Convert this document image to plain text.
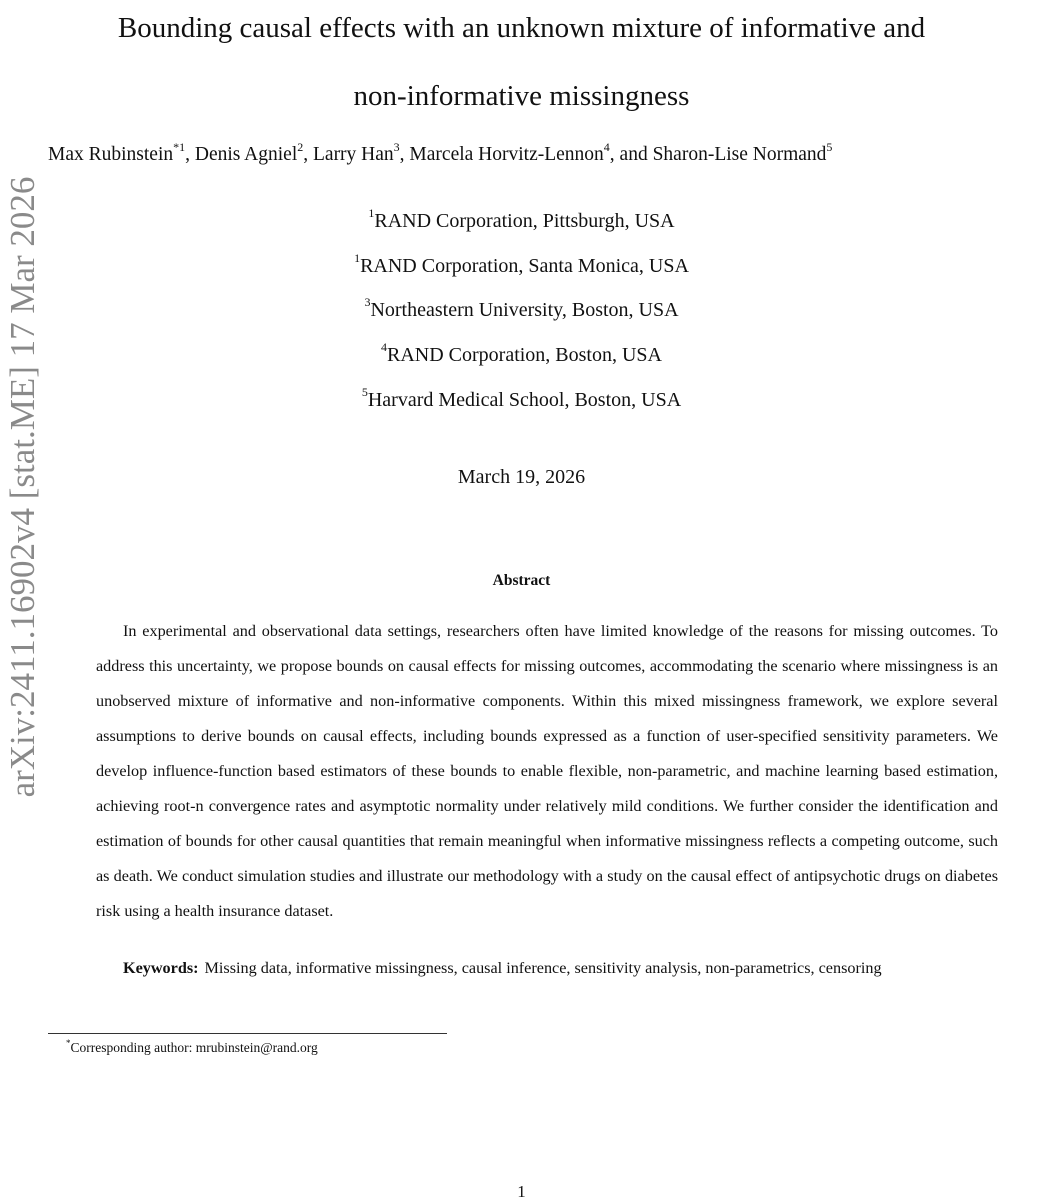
arXiv:2411.16902v4 [stat.ME] 17 Mar 2026
Bounding causal effects with an unknown mixture of informative and
non-informative missingness
Max Rubinstein$^{*1}$, Denis Agniel$^2$, Larry Han$^3$, Marcela Horvitz-Lennon$^4$, and Sharon-Lise Normand$^5$
$^1$RAND Corporation, Pittsburgh, USA
$^1$RAND Corporation, Santa Monica, USA
$^3$Northeastern University, Boston, USA
$^4$RAND Corporation, Boston, USA
$^5$Harvard Medical School, Boston, USA
March 19, 2026
Abstract

In experimental and observational data settings, researchers often have limited knowledge of the reasons for missing outcomes. To address this uncertainty, we propose bounds on causal effects for missing outcomes, accommodating the scenario where missingness is an unobserved mixture of informative and non-informative components. Within this mixed missingness framework, we explore several assumptions to derive bounds on causal effects, including bounds expressed as a function of user-specified sensitivity parameters. We develop influence-function based estimators of these bounds to enable flexible, non-parametric, and machine learning based estimation, achieving root-n convergence rates and asymptotic normality under relatively mild conditions. We further consider the identification and estimation of bounds for other causal quantities that remain meaningful when informative missingness reflects a competing outcome, such as death. We conduct simulation studies and illustrate our methodology with a study on the causal effect of antipsychotic drugs on diabetes risk using a health insurance dataset.

Keywords: Missing data, informative missingness, causal inference, sensitivity analysis, non-parametrics, censoring

*Corresponding author: mrubinstein@rand.org
1
